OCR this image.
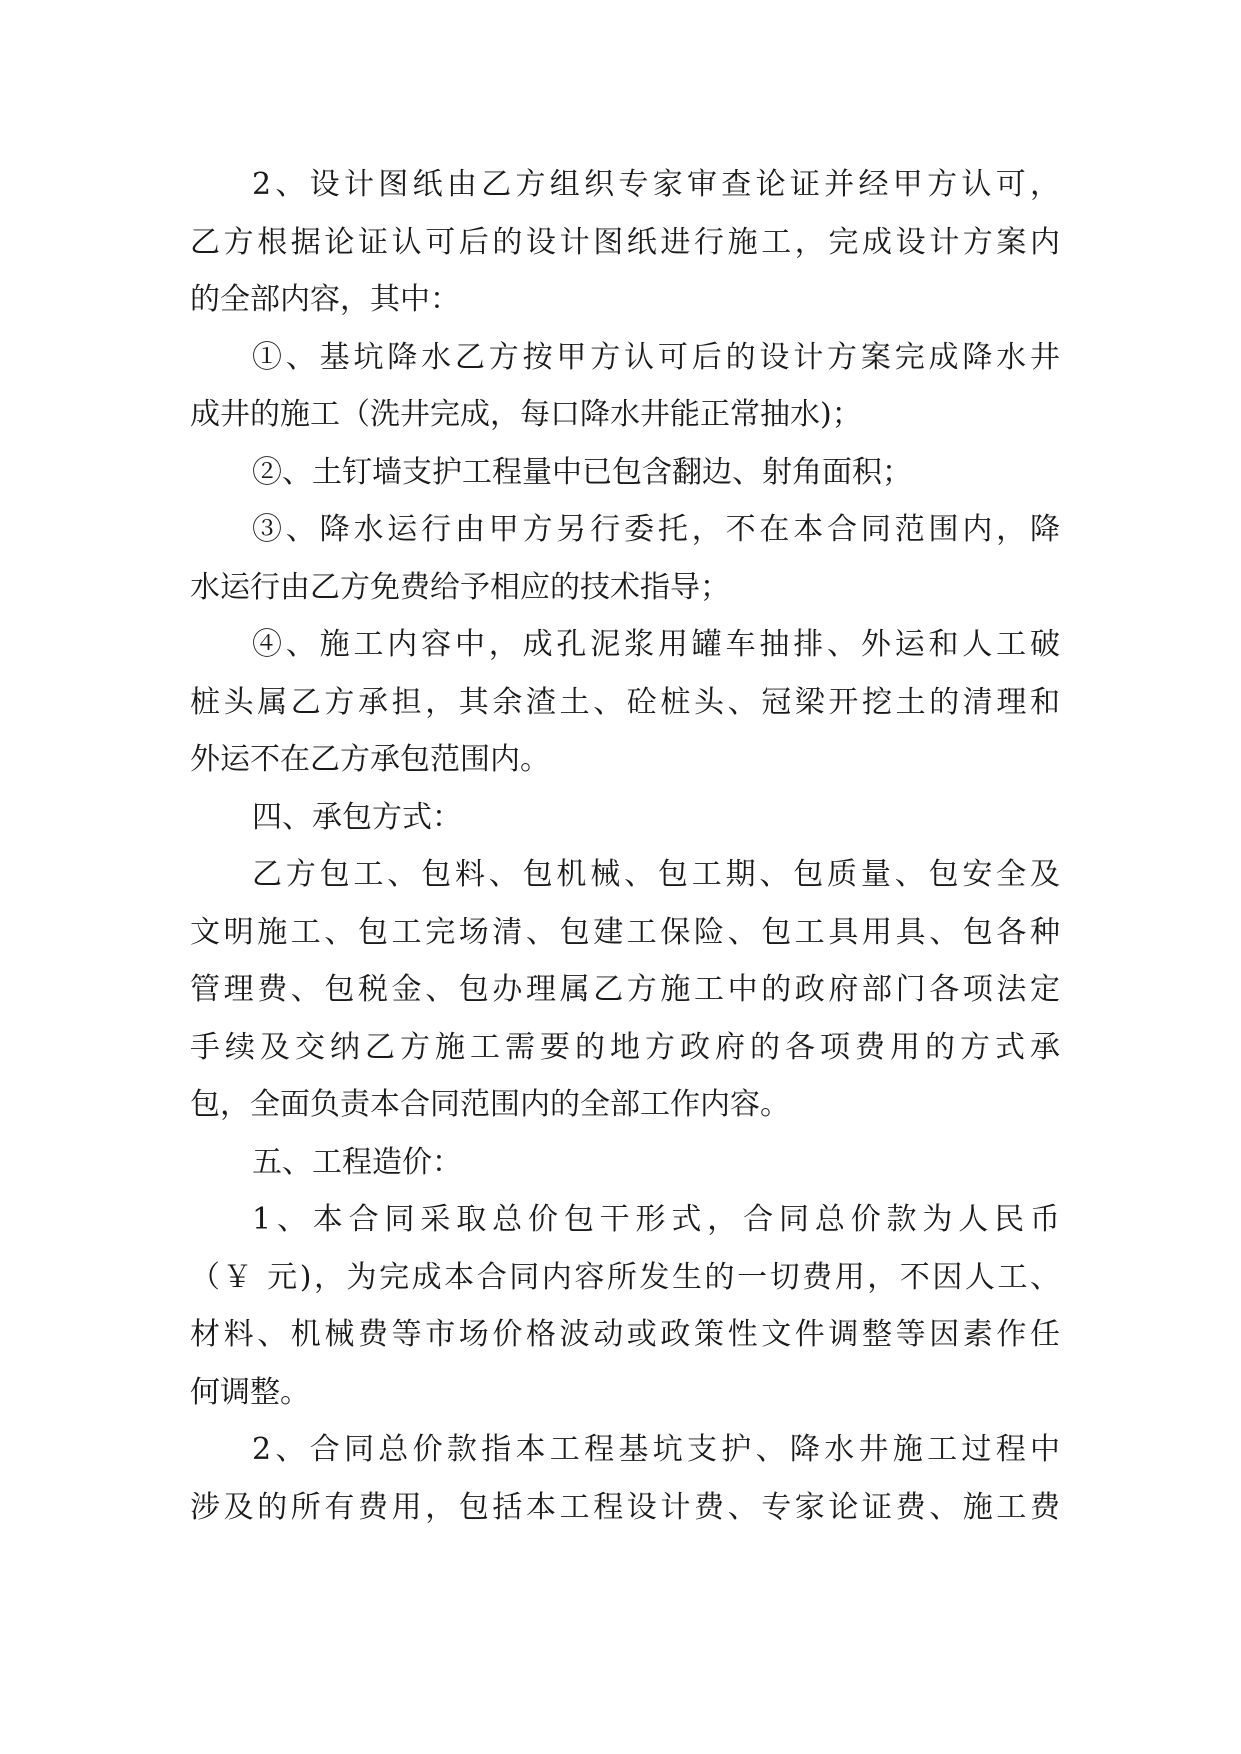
2、设计图纸由乙方组织专家审查论证并经甲方认可，
乙方根据论证认可后的设计图纸进行施工，完成设计方案内
的全部内容，其中：
①、基坑降水乙方按甲方认可后的设计方案完成降水井
成井的施工（洗井完成，每口降水井能正常抽水)；
②、土钉墙支护工程量中已包含翻边、射角面积；
③、降水运行由甲方另行委托，不在本合同范围内，降
水运行由乙方免费给予相应的技术指导；
④、施工内容中，成孔泥浆用罐车抽排、外运和人工破
桩头属乙方承担，其余渣土、砼桩头、冠梁开挖土的清理和
外运不在乙方承包范围内。
四、承包方式：
乙方包工、包料、包机械、包工期、包质量、包安全及
文明施工、包工完场清、包建工保险、包工具用具、包各种
管理费、包税金、包办理属乙方施工中的政府部门各项法定
手续及交纳乙方施工需要的地方政府的各项费用的方式承
包，全面负责本合同范围内的全部工作内容。
五、工程造价：
1、本合同采取总价包干形式，合同总价款为人民币
（￥ 元)，为完成本合同内容所发生的一切费用，不因人工、
材料、机械费等市场价格波动或政策性文件调整等因素作任
何调整。
2、合同总价款指本工程基坑支护、降水井施工过程中
涉及的所有费用，包括本工程设计费、专家论证费、施工费
